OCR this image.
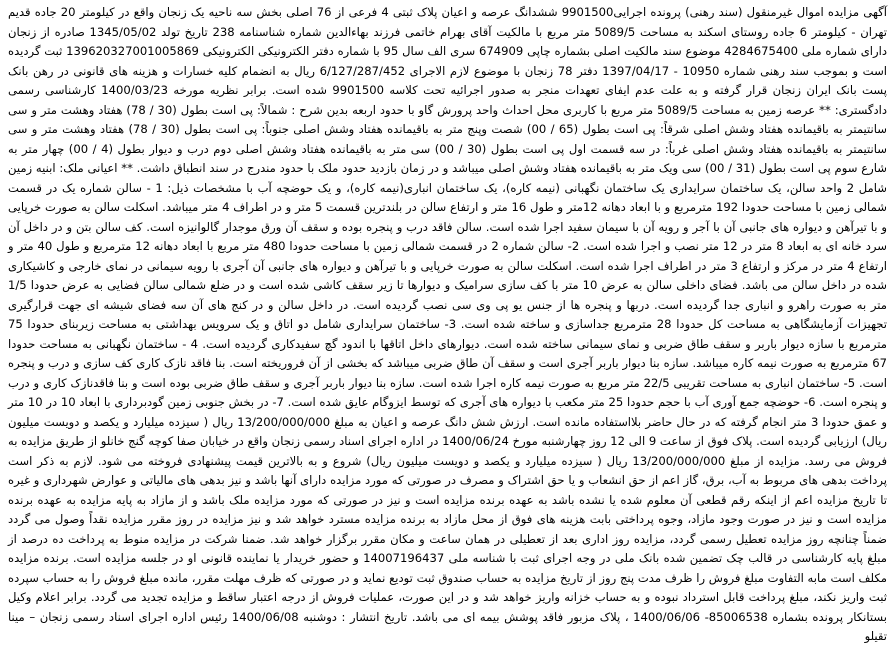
آگهی مزایده اموال غیرمنقول (سند رهنی) پرونده اجرایی9901500 ششدانگ عرصه و اعیان پلاک ثبتی 4 فرعی از 76 اصلی بخش سه ناحیه یک زنجان واقع در کیلومتر 20 جاده قدیم تهران - کیلومتر 6 جاده روستای اسکند به مساحت 5089/5 متر مربع با مالکیت آقای بهرام خاتمی فرزند بهاءالدین شماره شناسنامه 238 تاریخ تولد 1345/05/02 صادره از زنجان دارای شماره ملی 4284675400 موضوع سند مالکیت اصلی بشماره چاپی 674909 سری الف سال 95 با شماره دفتر الکترونیکی الکترونیکی 139620327001005869 ثبت گردیده است و بموجب سند رهنی شماره 10950 - 1397/04/17 دفتر 78 زنجان با موضوع لازم الاجرای 6/127/287/452 ریال به انضمام کلیه خسارات و هزینه های قانونی در رهن بانک پست بانک ایران زنجان قرار گرفته و به علت عدم ایفای تعهدات منجر به صدور اجرائیه تحت کلاسه 9901500 شده است. برابر نظریه مورخه 1400/03/23 کارشناسی رسمی دادگستری: ** عرصه زمین به مساحت 5089/5 متر مربع با کاربری محل احداث واحد پرورش گاو با حدود اربعه بدین شرح : شمالاً: پی است بطول (30 / 78) هفتاد وهشت متر و سی سانتیمتر به باقیمانده هفتاد وشش اصلی شرقاً: پی است بطول (65 / 00) شصت وپنج متر به باقیمانده هفتاد وشش اصلی جنوباً: پی است بطول (30 / 78) هفتاد وهشت متر و سی سانتیمتر به باقیمانده هفتاد وشش اصلی غرباً: در سه قسمت اول پی است بطول (30 / 00) سی متر به باقیمانده هفتاد وشش اصلی دوم درب و دیوار بطول (4 / 00) چهار متر به شارع سوم پی است بطول (31 / 00) سی ویک متر به باقیمانده هفتاد وشش اصلی میباشد و در زمان بازدید حدود ملک با حدود مندرج در سند انطباق داشت. ** اعیانی ملک: ابنیه زمین شامل 2 واحد سالن، یک ساختمان سرایداری یک ساختمان نگهبانی (نیمه کاره)، یک ساختمان انباری(نیمه کاره)، و یک حوضچه آب با مشخصات ذیل: 1 - سالن شماره یک در قسمت شمالی زمین با مساحت حدودا 192 مترمربع و با ابعاد دهانه 12متر و طول 16 متر و ارتفاع سالن در بلندترین قسمت 5 متر و در اطراف 4 متر میباشد. اسکلت سالن به صورت خرپایی و با تیرآهن و دیواره های جانبی آن با آجر و رویه آن با سیمان سفید اجرا شده است. سالن فاقد درب و پنجره بوده و سقف آن ورق موجدار گالوانیزه است. کف سالن بتن و در داخل آن سرد خانه ای به ابعاد 8 متر در 12 متر نصب و اجرا شده است. 2- سالن شماره 2 در قسمت شمالی زمین با مساحت حدودا 480 متر مربع با ابعاد دهانه 12 مترمربع و طول 40 متر و ارتفاع 4 متر در مرکز و ارتفاع 3 متر در اطراف اجرا شده است. اسکلت سالن به صورت خرپایی و با تیرآهن و دیواره های جانبی آن آجری با رویه سیمانی در نمای خارجی و کاشیکاری شده در داخل سالن می باشد. فضای داخلی سالن به عرض 10 متر با کف سازی سرامیک و دیوارها تا زیر سقف کاشی شده است و در ضلع شمالی سالن فضایی به عرض حدودا 1/5 متر به صورت راهرو و انباری جدا گردیده است. دربها و پنجره ها از جنس یو پی وی سی نصب گردیده است. در داخل سالن و در کنج های آن سه فضای شیشه ای جهت قرارگیری تجهیزات آزمایشگاهی به مساحت کل حدودا 28 مترمربع جداسازی و ساخته شده است. 3- ساختمان سرایداری شامل دو اتاق و یک سرویس بهداشتی به مساحت زیربنای حدودا 75 مترمربع با سازه دیوار باربر و سقف طاق ضربی و نمای سیمانی ساخته شده است. دیوارهای داخل اتاقها با اندود گچ سفیدکاری گردیده است. 4 - ساختمان نگهبانی به مساحت حدودا 67 مترمربع به صورت نیمه کاره میباشد. سازه بنا دیوار باربر آجری است و سقف آن طاق ضربی میباشد که بخشی از آن فروریخته است. بنا فاقد نازک کاری کف سازی و درب و پنجره است. 5- ساختمان انباری به مساحت تقریبی 22/5 متر مربع به صورت نیمه کاره اجرا شده است. سازه بنا دیوار باربر آجری و سقف طاق ضربی بوده است و بنا فاقدنازک کاری و درب و پنجره است. 6- حوضچه جمع آوری آب با حجم حدودا 25 متر مکعب با دیواره های آجری که توسط ایزوگام عایق شده است. 7- در بخش جنوبی زمین گودبرداری با ابعاد 10 در 10 متر و عمق حدودا 3 متر انجام گرفته که در حال حاضر بلااستفاده مانده است. ارزش شش دانگ عرصه و اعیان به مبلغ 13/200/000/000 ریال ( سیزده میلیارد و یکصد و دویست میلیون ریال) ارزیابی گردیده است. پلاک فوق از ساعت 9 الی 12 روز چهارشنبه مورخ 1400/06/24 در اداره اجرای اسناد رسمی زنجان واقع در خیابان صفا کوچه گنج خانلو از طریق مزایده به فروش می رسد. مزایده از مبلغ 13/200/000/000 ریال ( سیزده میلیارد و یکصد و دویست میلیون ریال) شروع و به بالاترین قیمت پیشنهادی فروخته می شود. لازم به ذکر است پرداخت بدهی های مربوط به آب، برق، گاز اعم از حق انشعاب و یا حق اشتراک و مصرف در صورتی که مورد مزایده دارای آنها باشد و نیز بدهی های مالیاتی و عوارض شهرداری و غیره تا تاریخ مزایده اعم از اینکه رقم قطعی آن معلوم شده یا نشده باشد به عهده برنده مزایده است و نیز در صورتی که مورد مزایده ملک باشد و از مازاد به پایه مزایده به عهده برنده مزایده است و نیز در صورت وجود مازاد، وجوه پرداختی بابت هزینه های فوق از محل مازاد به برنده مزایده مسترد خواهد شد و نیز مزایده در روز مقرر مزایده نقداً وصول می گردد ضمناً چنانچه روز مزایده تعطیل رسمی گردد، مزایده روز اداری بعد از تعطیلی در همان ساعت و مکان مقرر برگزار خواهد شد. ضمنا شرکت در مزایده منوط به پرداخت ده درصد از مبلغ پایه کارشناسی در قالب چک تضمین شده بانک ملی در وجه اجرای ثبت با شناسه ملی 14007196437 و حضور خریدار یا نماینده قانونی او در جلسه مزایده است. برنده مزایده مکلف است مابه التفاوت مبلغ فروش را ظرف مدت پنج روز از تاریخ مزایده به حساب صندوق ثبت تودیع نماید و در صورتی که ظرف مهلت مقرر، مانده مبلغ فروش را به حساب سپرده ثبت واریز نکند، مبلغ پرداخت قابل استرداد نبوده و به حساب خزانه واریز خواهد شد و در این صورت، عملیات فروش از درجه اعتبار ساقط و مزایده تجدید می گردد. برابر اعلام وکیل بستانکار پرونده بشماره 85006538- 1400/06/06 ، پلاک مزبور فاقد پوشش بیمه ای می باشد. تاریخ انتشار : دوشنبه 1400/06/08 رئیس اداره اجرای اسناد رسمی زنجان – مینا تقیلو
